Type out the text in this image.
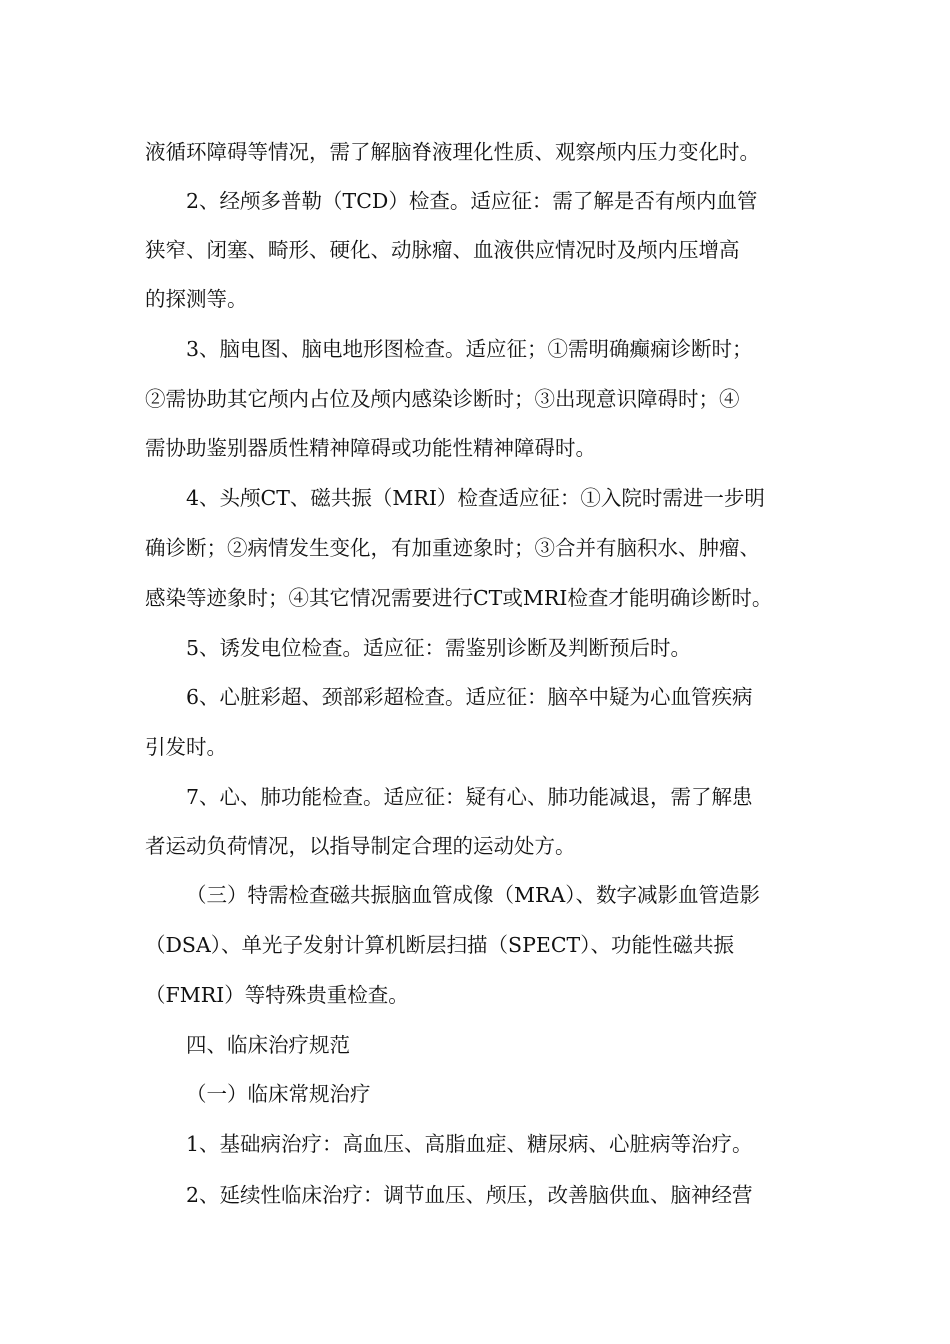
液循环障碍等情况，需了解脑脊液理化性质、观察颅内压力变化时。
2、经颅多普勒（TCD）检查。适应征：需了解是否有颅内血管
狭窄、闭塞、畸形、硬化、动脉瘤、血液供应情况时及颅内压增高
的探测等。
3、脑电图、脑电地形图检查。适应征；①需明确癫痫诊断时；
②需协助其它颅内占位及颅内感染诊断时；③出现意识障碍时；④
需协助鉴别器质性精神障碍或功能性精神障碍时。
4、头颅CT、磁共振（MRI）检查适应征：①入院时需进一步明
确诊断；②病情发生变化，有加重迹象时；③合并有脑积水、肿瘤、
感染等迹象时；④其它情况需要进行CT或MRI检查才能明确诊断时。
5、诱发电位检查。适应征：需鉴别诊断及判断预后时。
6、心脏彩超、颈部彩超检查。适应征：脑卒中疑为心血管疾病
引发时。
7、心、肺功能检查。适应征：疑有心、肺功能减退，需了解患
者运动负荷情况，以指导制定合理的运动处方。
（三）特需检查磁共振脑血管成像（MRA）、数字减影血管造影
（DSA）、单光子发射计算机断层扫描（SPECT）、功能性磁共振
（FMRI）等特殊贵重检查。
四、临床治疗规范
（一）临床常规治疗
1、基础病治疗：高血压、高脂血症、糖尿病、心脏病等治疗。
2、延续性临床治疗：调节血压、颅压，改善脑供血、脑神经营
